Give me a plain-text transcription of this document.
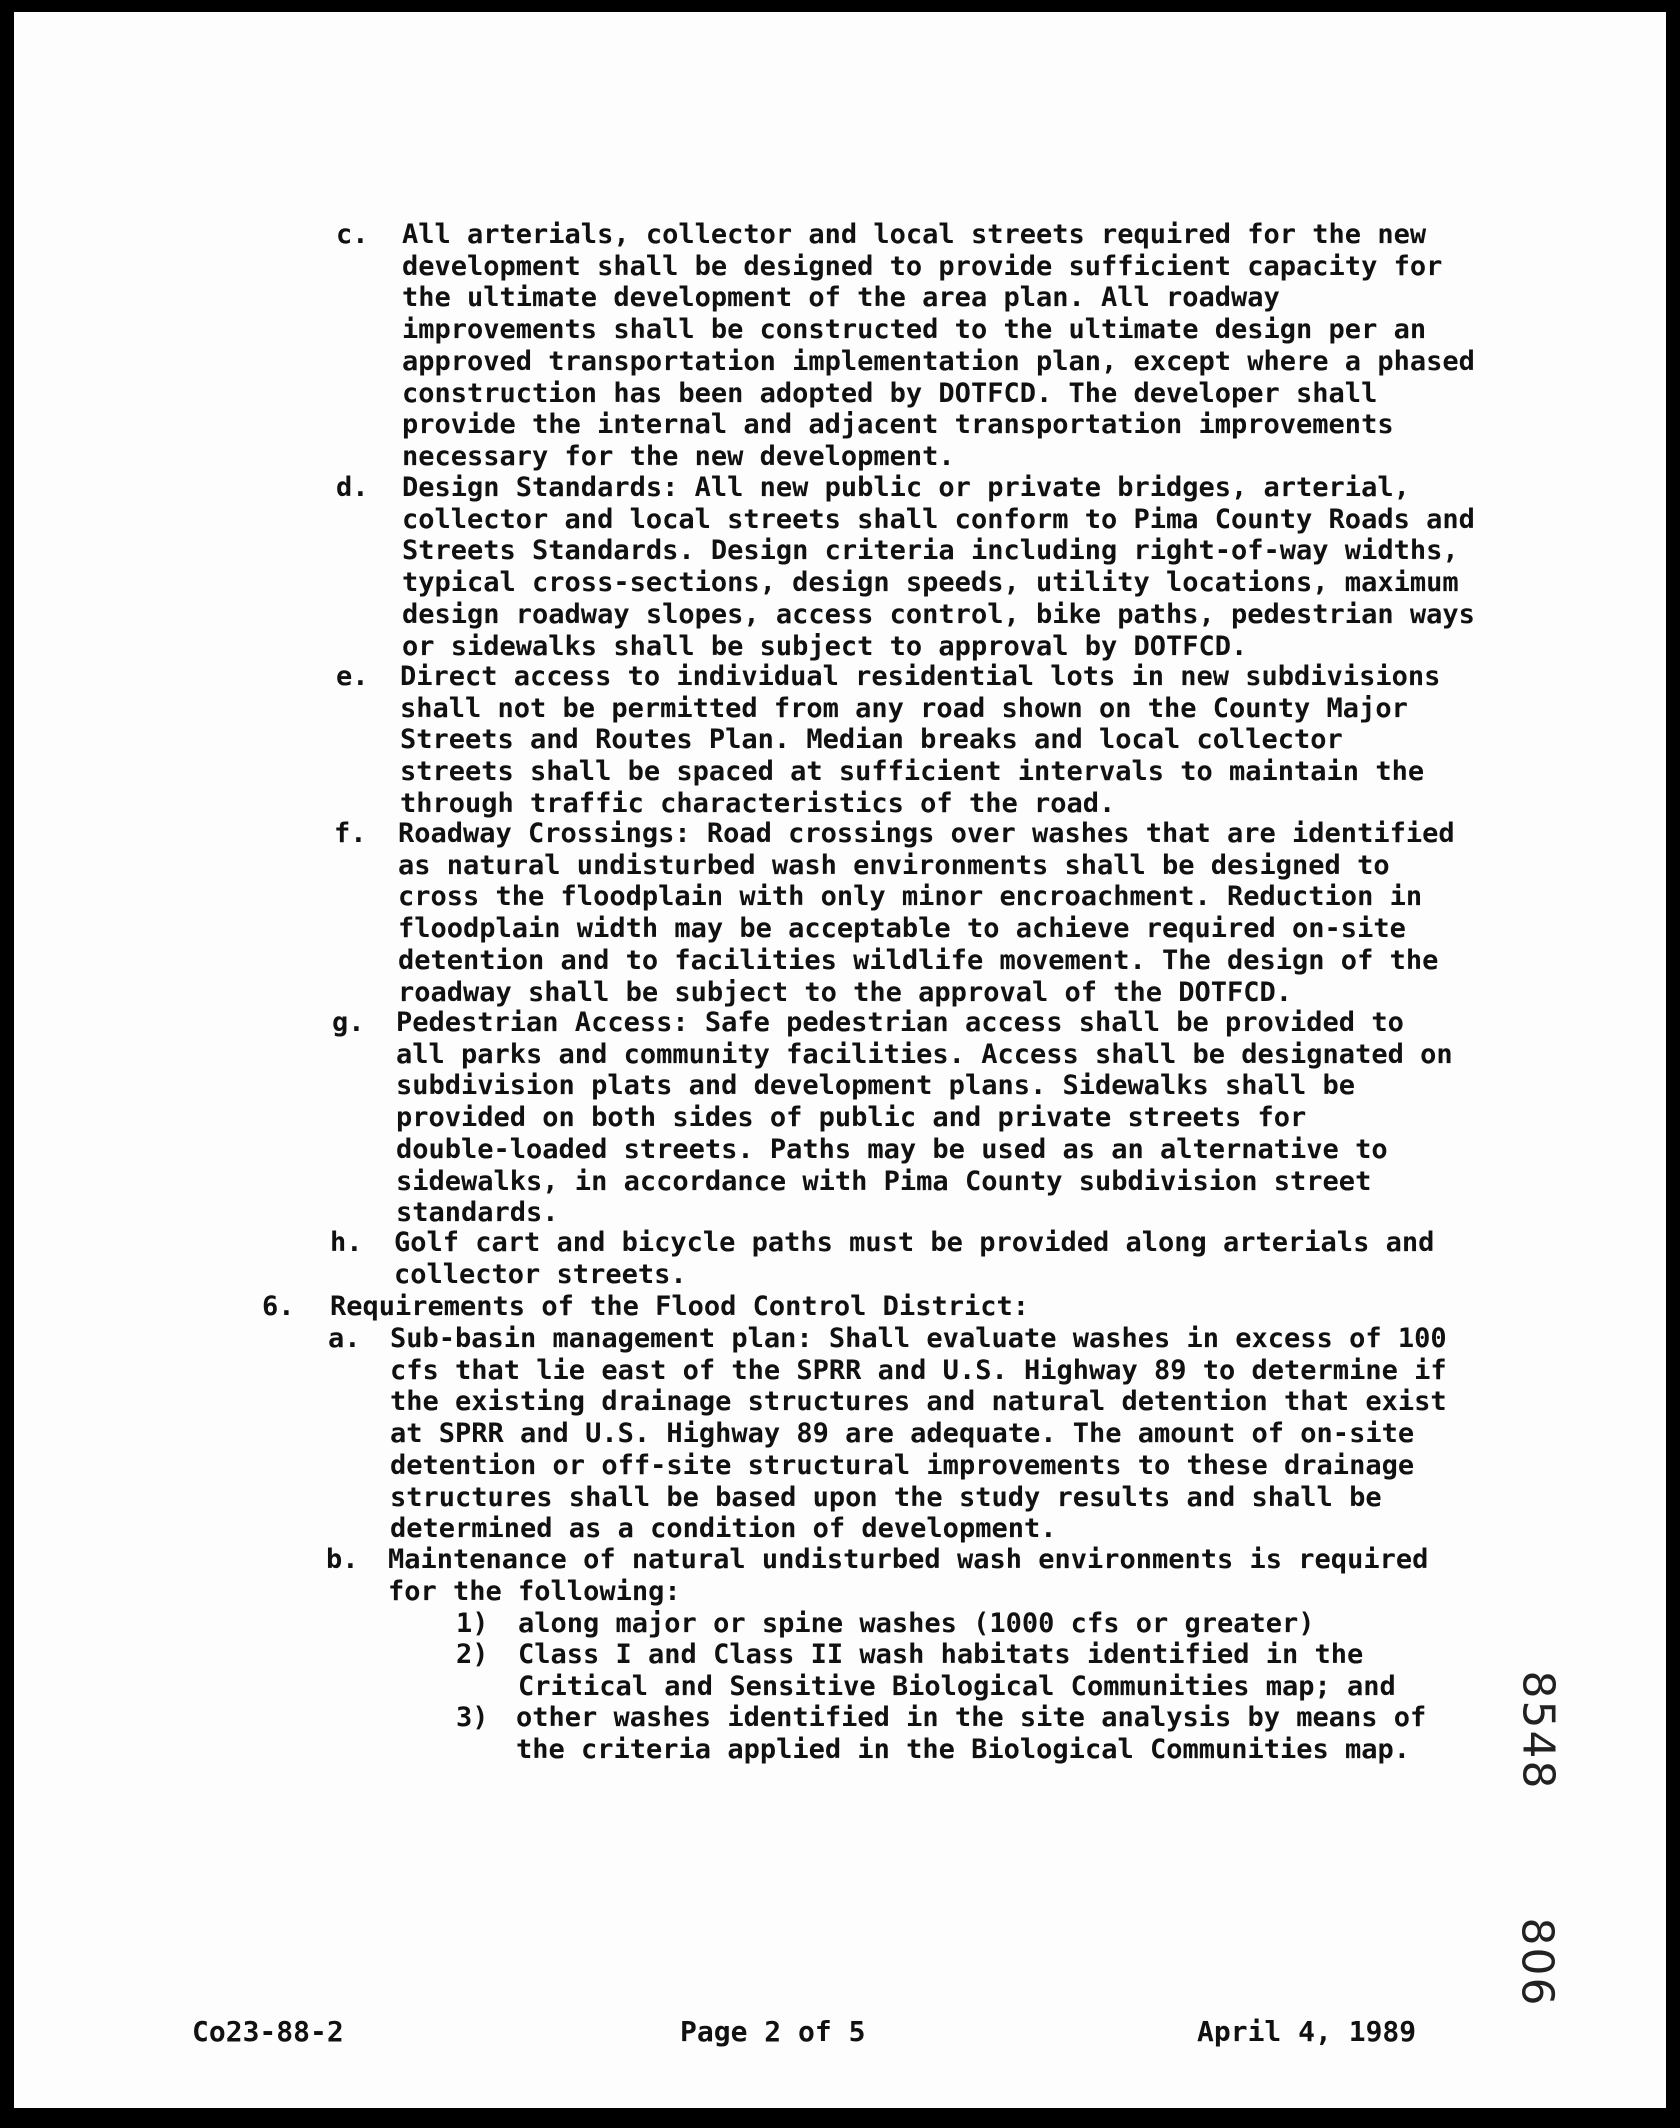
c. All arterials, collector and local streets required for the new
development shall be designed to provide sufficient capacity for
the ultimate development of the area plan. All roadway
improvements shall be constructed to the ultimate design per an
approved transportation implementation plan, except where a phased
construction has been adopted by DOTFCD. The developer shall
provide the internal and adjacent transportation improvements
necessary for the new development.
d. Design Standards: All new public or private bridges, arterial,
collector and local streets shall conform to Pima County Roads and
Streets Standards. Design criteria including right-of-way widths,
typical cross-sections, design speeds, utility locations, maximum
design roadway slopes, access control, bike paths, pedestrian ways
or sidewalks shall be subject to approval by DOTFCD.
e. Direct access to individual residential lots in new subdivisions
shall not be permitted from any road shown on the County Major
Streets and Routes Plan. Median breaks and local collector
streets shall be spaced at sufficient intervals to maintain the
through traffic characteristics of the road.
f. Roadway Crossings: Road crossings over washes that are identified
as natural undisturbed wash environments shall be designed to
cross the floodplain with only minor encroachment. Reduction in
floodplain width may be acceptable to achieve required on-site
detention and to facilities wildlife movement. The design of the
roadway shall be subject to the approval of the DOTFCD.
g. Pedestrian Access: Safe pedestrian access shall be provided to
all parks and community facilities. Access shall be designated on
subdivision plats and development plans. Sidewalks shall be
provided on both sides of public and private streets for
double-loaded streets. Paths may be used as an alternative to
sidewalks, in accordance with Pima County subdivision street
standards.
h. Golf cart and bicycle paths must be provided along arterials and
collector streets.
6. Requirements of the Flood Control District:
a. Sub-basin management plan: Shall evaluate washes in excess of 100
cfs that lie east of the SPRR and U.S. Highway 89 to determine if
the existing drainage structures and natural detention that exist
at SPRR and U.S. Highway 89 are adequate. The amount of on-site
detention or off-site structural improvements to these drainage
structures shall be based upon the study results and shall be
determined as a condition of development.
b. Maintenance of natural undisturbed wash environments is required
for the following:
1) along major or spine washes (1000 cfs or greater)
2) Class I and Class II wash habitats identified in the
Critical and Sensitive Biological Communities map; and
3) other washes identified in the site analysis by means of
the criteria applied in the Biological Communities map.
Co23-88-2	Page 2 of 5	April 4, 1989
8548
806
